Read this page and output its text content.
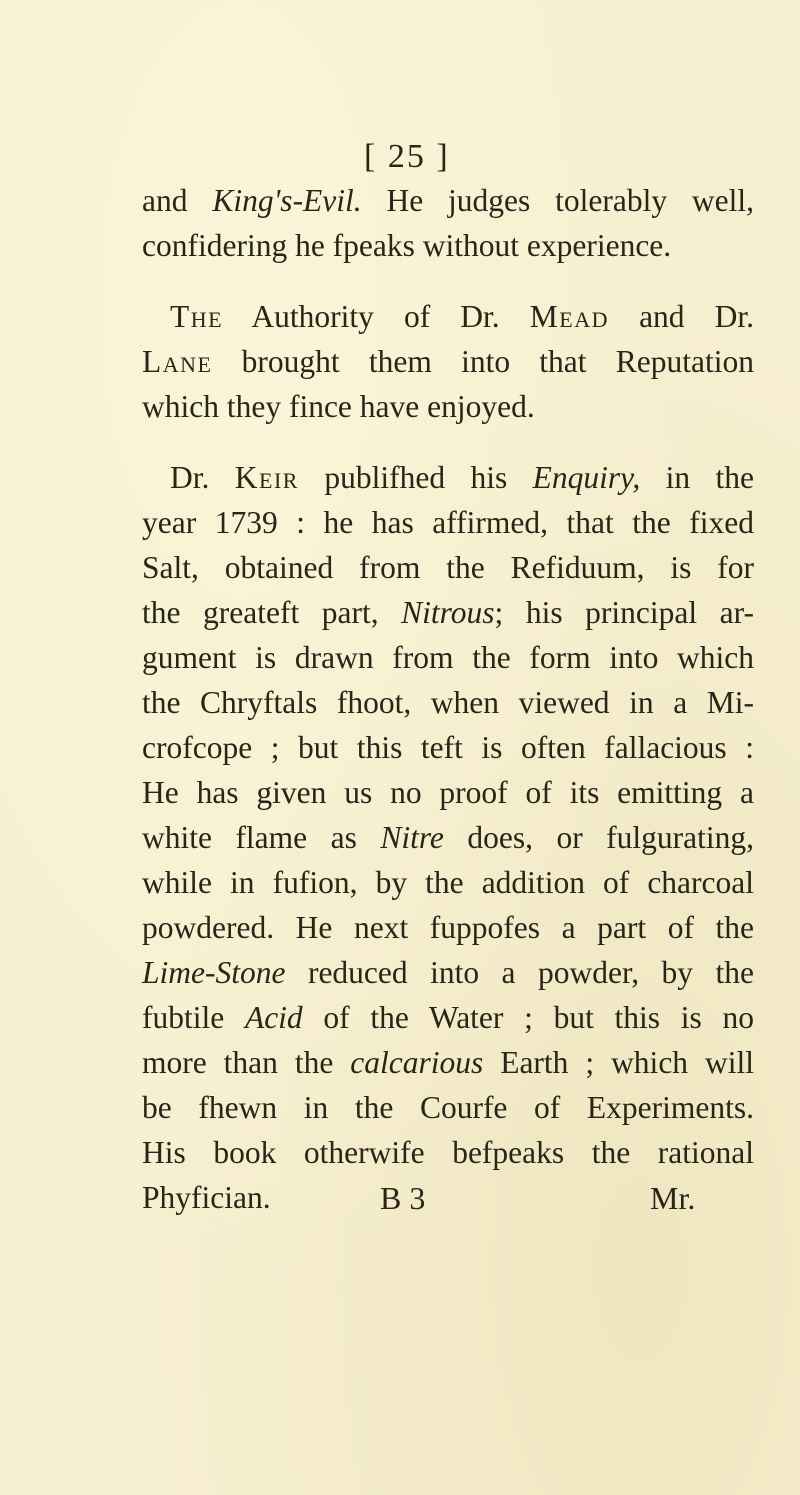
[ 25 ]
and King's-Evil. He judges tolerably well,
confidering he fpeaks without experience.
The Authority of Dr. Mead and Dr.
Lane brought them into that Reputation
which they fince have enjoyed.
Dr. Keir publifhed his Enquiry, in the
year 1739 : he has affirmed, that the fixed
Salt, obtained from the Refiduum, is for
the greateft part, Nitrous; his principal ar-
gument is drawn from the form into which
the Chryftals fhoot, when viewed in a Mi-
crofcope ; but this teft is often fallacious :
He has given us no proof of its emitting a
white flame as Nitre does, or fulgurating,
while in fufion, by the addition of charcoal
powdered. He next fuppofes a part of the
Lime-Stone reduced into a powder, by the
fubtile Acid of the Water ; but this is no
more than the calcarious Earth ; which will
be fhewn in the Courfe of Experiments.
His book otherwife befpeaks the rational
Phyfician.	B 3	Mr.
